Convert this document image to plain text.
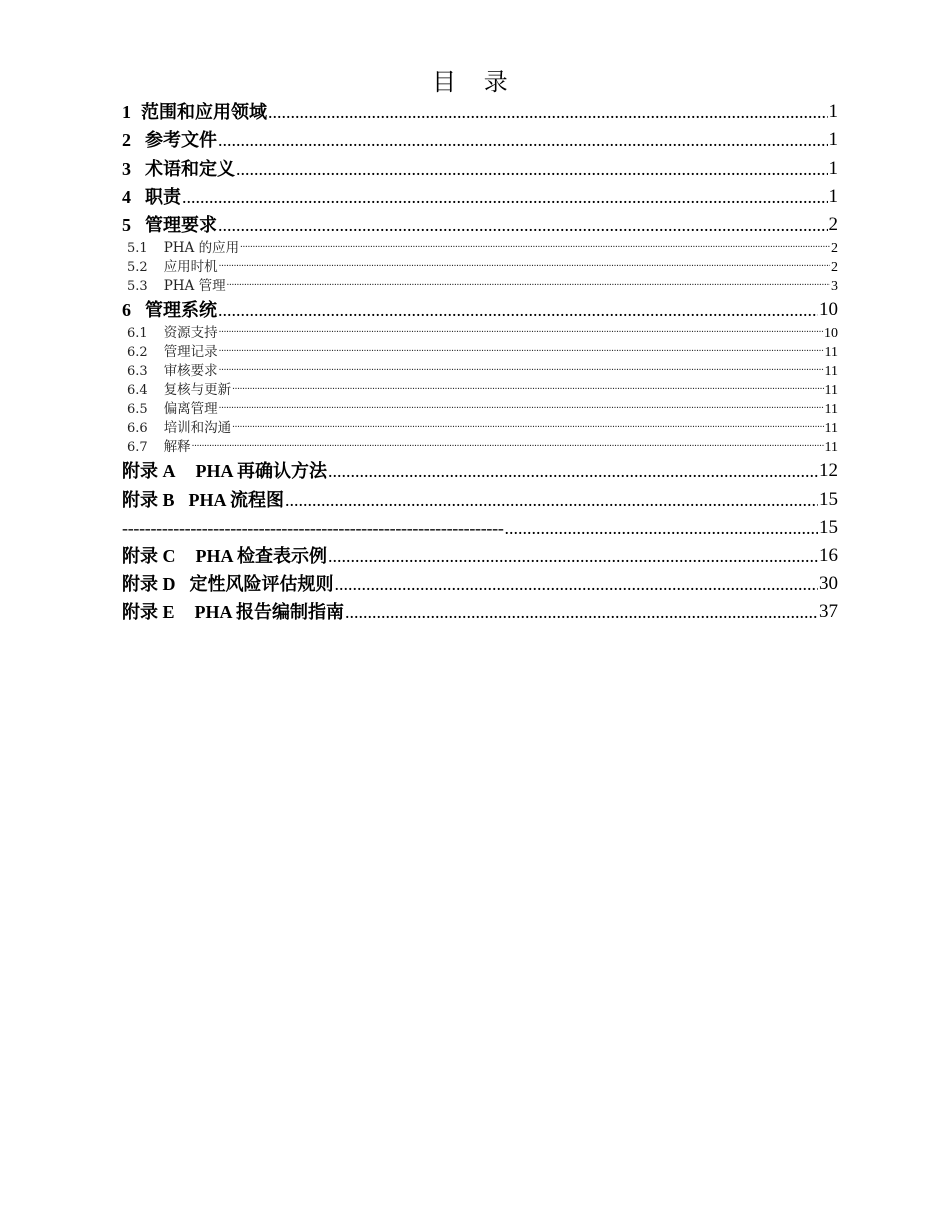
目 录
1 范围和应用领域 .....	1
2 参考文件 .....	1
3 术语和定义 .....	1
4 职责 .....	1
5 管理要求 .....	2
5.1 PHA 的应用 .....	2
5.2 应用时机 .....	2
5.3 PHA 管理 .....	3
6 管理系统 .....	10
6.1 资源支持 .....	10
6.2 管理记录 .....	11
6.3 审核要求 .....	11
6.4 复核与更新 .....	11
6.5 偏离管理 .....	11
6.6 培训和沟通 .....	11
6.7 解释 .....	11
附录 A PHA 再确认方法 .....	12
附录 B PHA 流程图 .....	15
------------------------------------------------------------------- .....	15
附录 C PHA 检查表示例 .....	16
附录 D 定性风险评估规则 .....	30
附录 E PHA 报告编制指南 .....	37
